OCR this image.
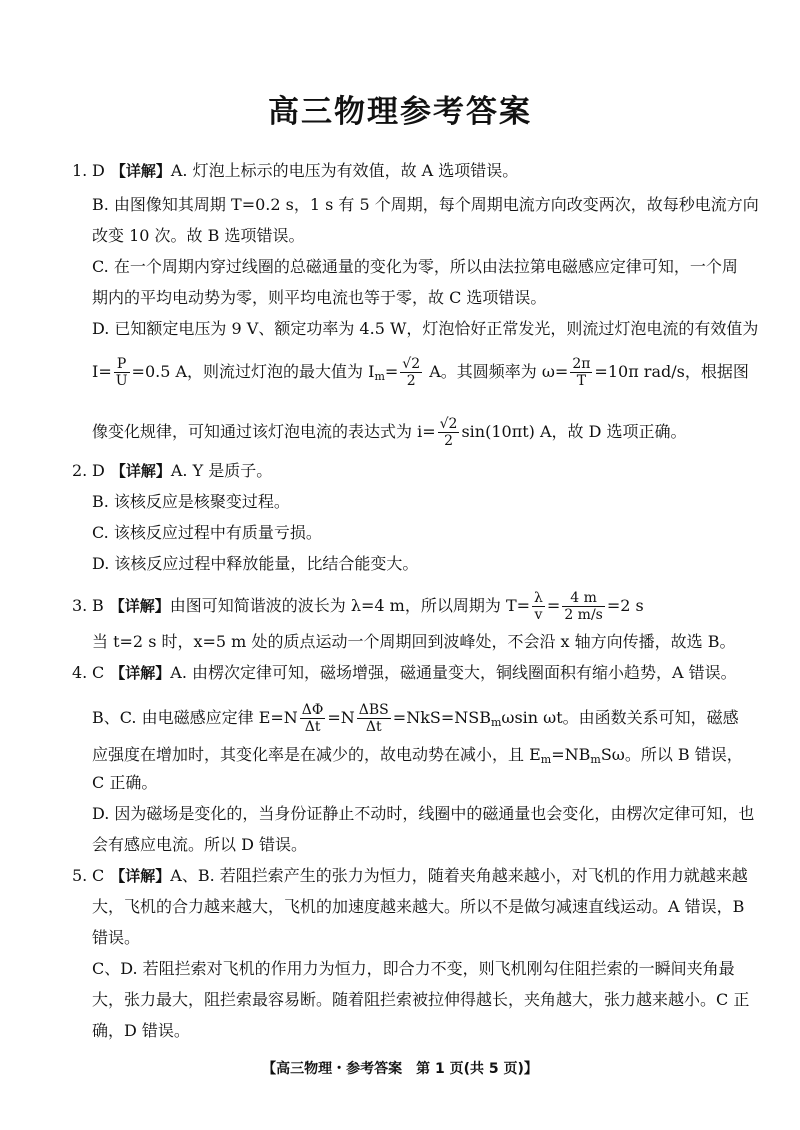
高三物理参考答案
1. D 【详解】A. 灯泡上标示的电压为有效值，故 A 选项错误。
B. 由图像知其周期 T=0.2 s，1 s 有 5 个周期，每个周期电流方向改变两次，故每秒电流方向
改变 10 次。故 B 选项错误。
C. 在一个周期内穿过线圈的总磁通量的变化为零，所以由法拉第电磁感应定律可知，一个周
期内的平均电动势为零，则平均电流也等于零，故 C 选项错误。
D. 已知额定电压为 9 V、额定功率为 4.5 W，灯泡恰好正常发光，则流过灯泡电流的有效值为
$I= \frac{P}{U} =0.5$ A，则流过灯泡的最大值为 $I_m= \frac{√2}{2}$ A。其圆频率为 $\omega= \frac{2\pi}{T} =10\pi$ rad/s，根据图
像变化规律，可知通过该灯泡电流的表达式为 $i= \frac{√2}{2} \sin(10\pi t)$ A，故 D 选项正确。
2. D 【详解】A. Y 是质子。
B. 该核反应是核聚变过程。
C. 该核反应过程中有质量亏损。
D. 该核反应过程中释放能量，比结合能变大。
3. B 【详解】由图可知简谐波的波长为 λ=4 m，所以周期为 $T= \frac{\lambda}{v} = \frac{4 m}{2 m/s} =2$ s
当 t=2 s 时，x=5 m 处的质点运动一个周期回到波峰处，不会沿 x 轴方向传播，故选 B。
4. C 【详解】A. 由楞次定律可知，磁场增强，磁通量变大，铜线圈面积有缩小趋势，A 错误。
B、C. 由电磁感应定律 $E=N \frac{\Delta\Phi}{\Delta t} =N \frac{\text{ΔBS}}{\Delta t} =NkS=NSB_m\omega\sin$ ωt。由函数关系可知，磁感
应强度在增加时，其变化率是在减少的，故电动势在减小，且 $E_m=NB_mS\omega$。所以 B 错误，
C 正确。
D. 因为磁场是变化的，当身份证静止不动时，线圈中的磁通量也会变化，由楞次定律可知，也
会有感应电流。所以 D 错误。
5. C 【详解】A、B. 若阻拦索产生的张力为恒力，随着夹角越来越小，对飞机的作用力就越来越
大，飞机的合力越来越大，飞机的加速度越来越大。所以不是做匀减速直线运动。A 错误，B
错误。
C、D. 若阻拦索对飞机的作用力为恒力，即合力不变，则飞机刚勾住阻拦索的一瞬间夹角最
大，张力最大，阻拦索最容易断。随着阻拦索被拉伸得越长，夹角越大，张力越来越小。C 正
确，D 错误。
【高三物理・参考答案　第 1 页(共 5 页)】
